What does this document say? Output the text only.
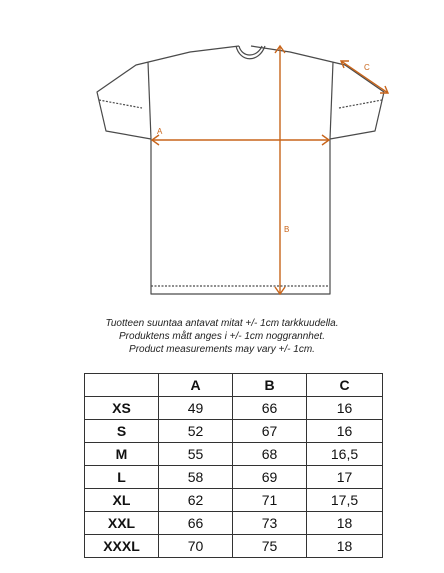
A
B
C
Tuotteen suuntaa antavat mitat +/- 1cm tarkkuudella.
Produktens mått anges i +/- 1cm noggrannhet.
Product measurements may vary +/- 1cm.
	A	B	C
XS	49	66	16
S	52	67	16
M	55	68	16,5
L	58	69	17
XL	62	71	17,5
XXL	66	73	18
XXXL	70	75	18
